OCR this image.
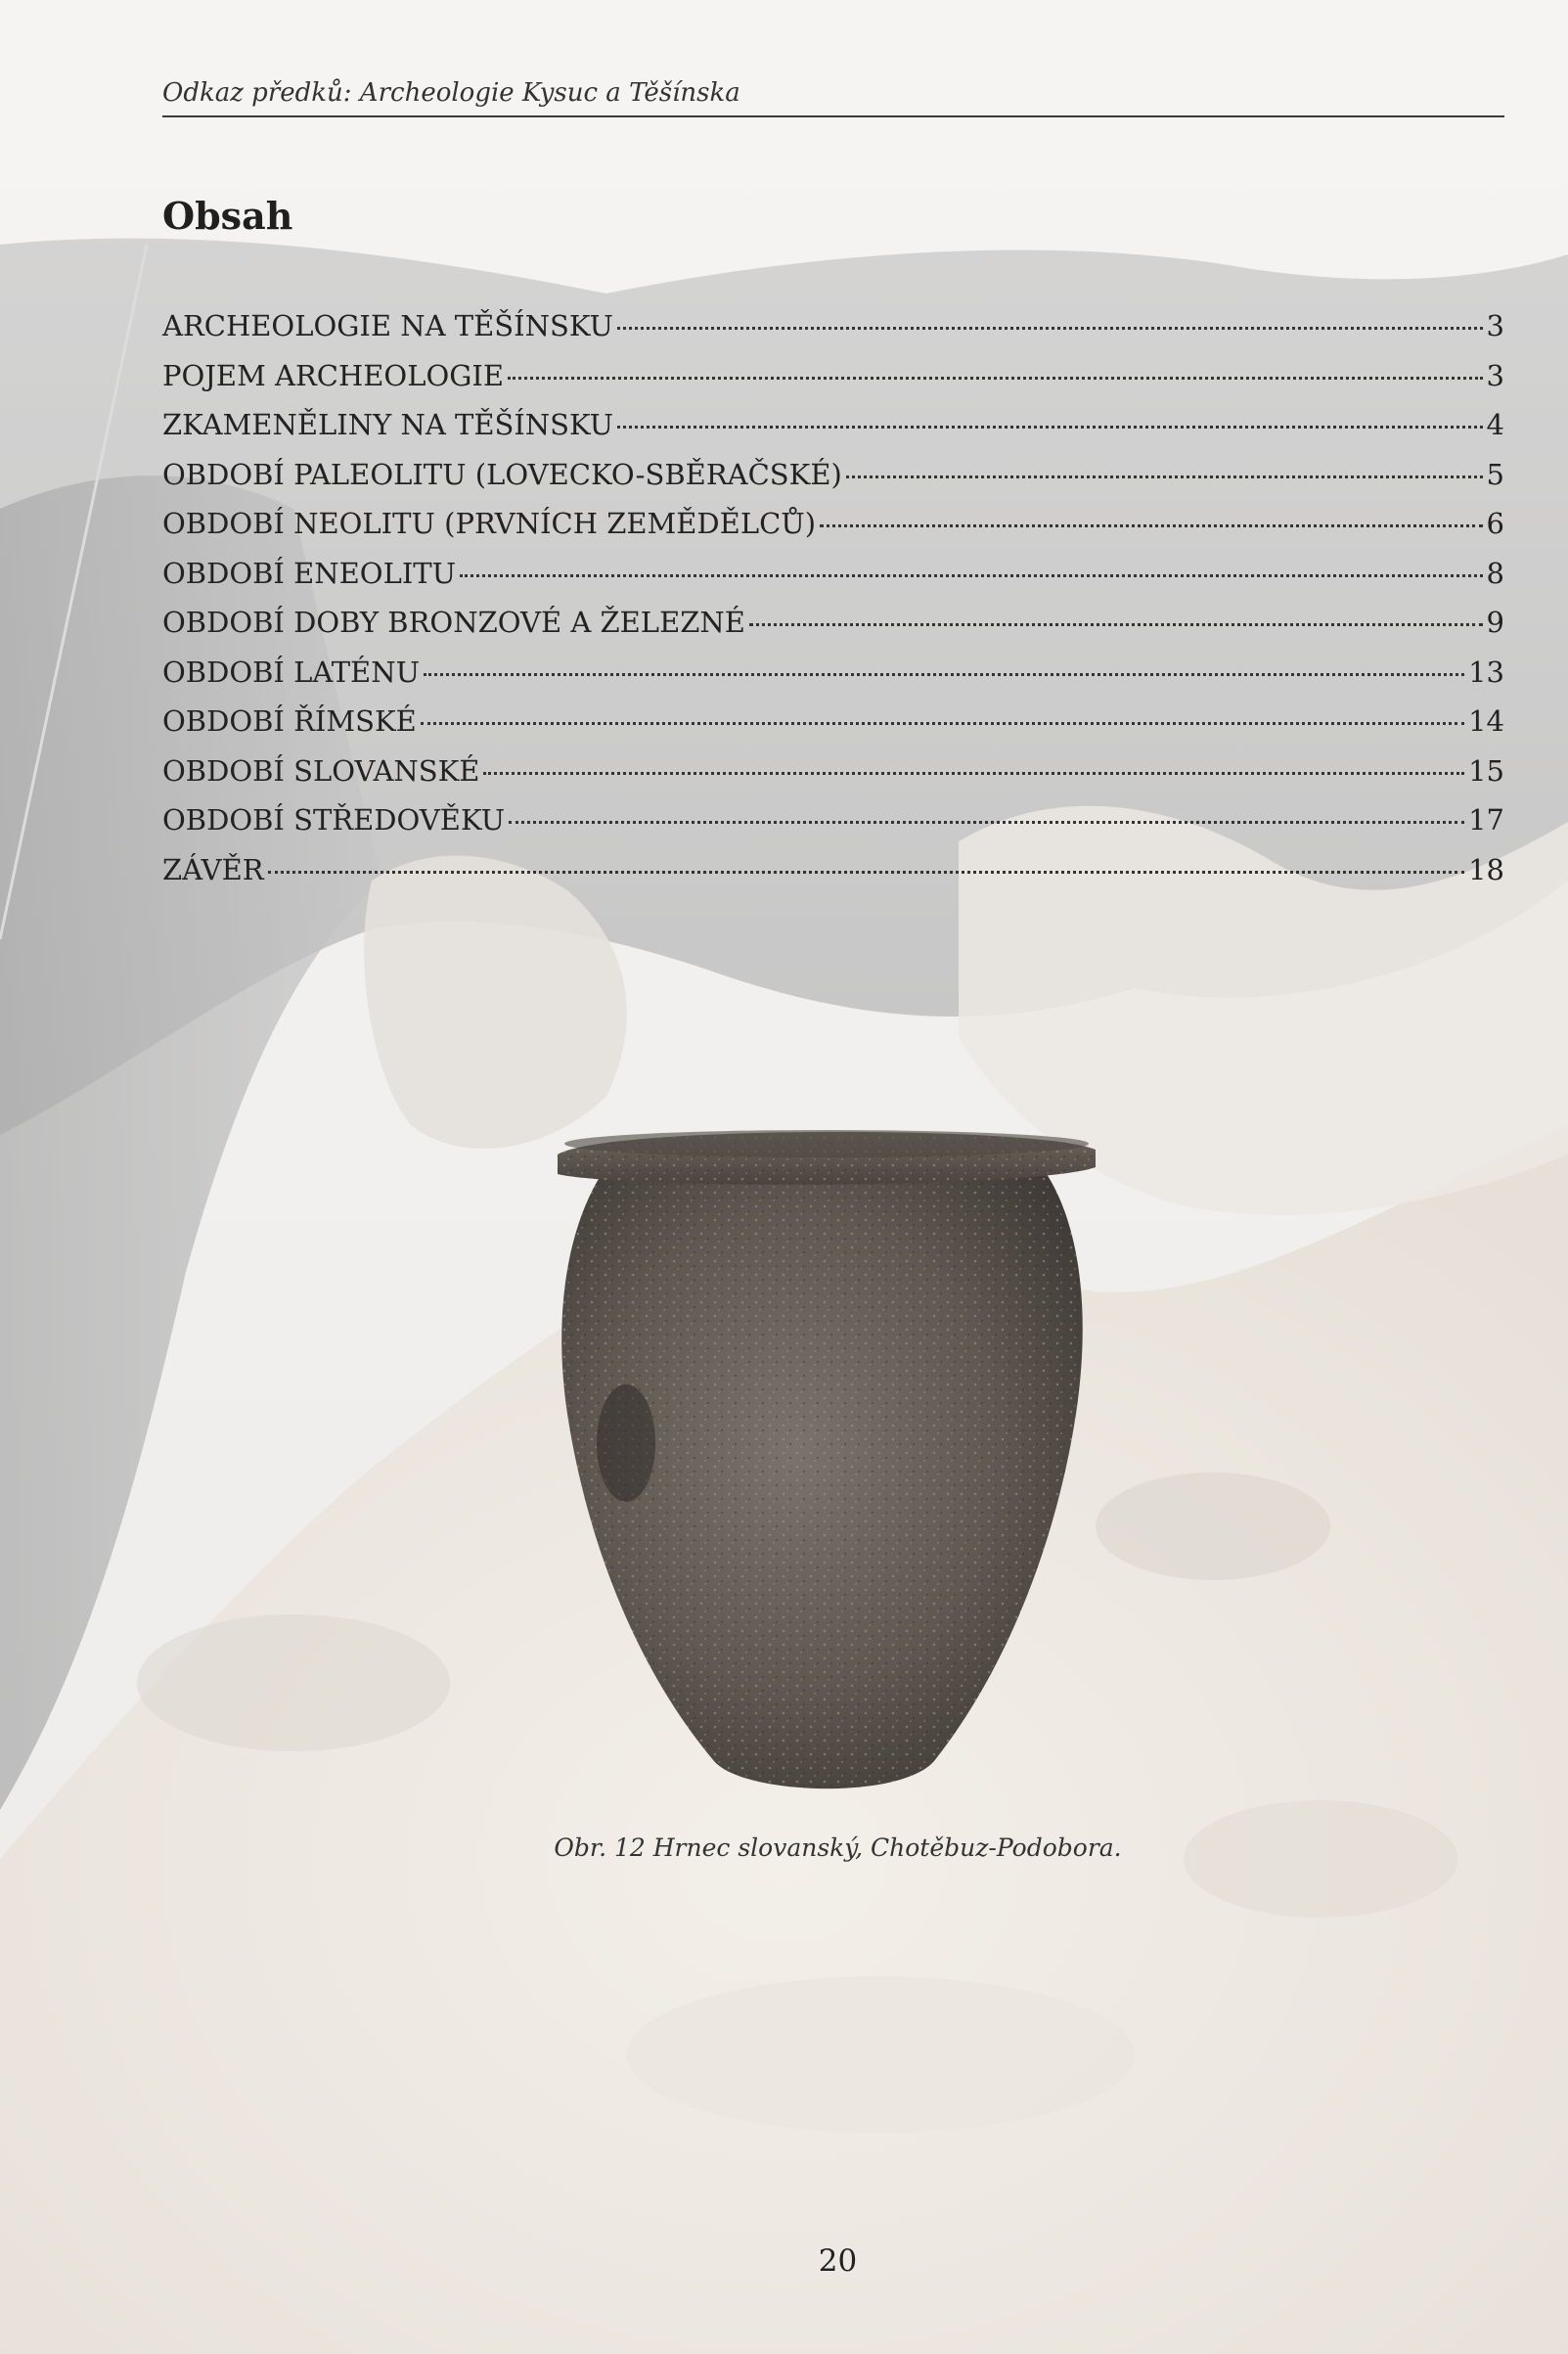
Odkaz předků: Archeologie Kysuc a Těšínska
Obsah
ARCHEOLOGIE NA TĚŠÍNSKU	3
POJEM ARCHEOLOGIE	3
ZKAMENĚLINY NA TĚŠÍNSKU	4
OBDOBÍ PALEOLITU (LOVECKO-SBĚRAČSKÉ)	5
OBDOBÍ NEOLITU (PRVNÍCH ZEMĚDĚLCŮ)	6
OBDOBÍ ENEOLITU	8
OBDOBÍ DOBY BRONZOVÉ A ŽELEZNÉ	9
OBDOBÍ LATÉNU	13
OBDOBÍ ŘÍMSKÉ	14
OBDOBÍ SLOVANSKÉ	15
OBDOBÍ STŘEDOVĚKU	17
ZÁVĚR	18
Obr. 12 Hrnec slovanský, Chotěbuz-Podobora.
20
